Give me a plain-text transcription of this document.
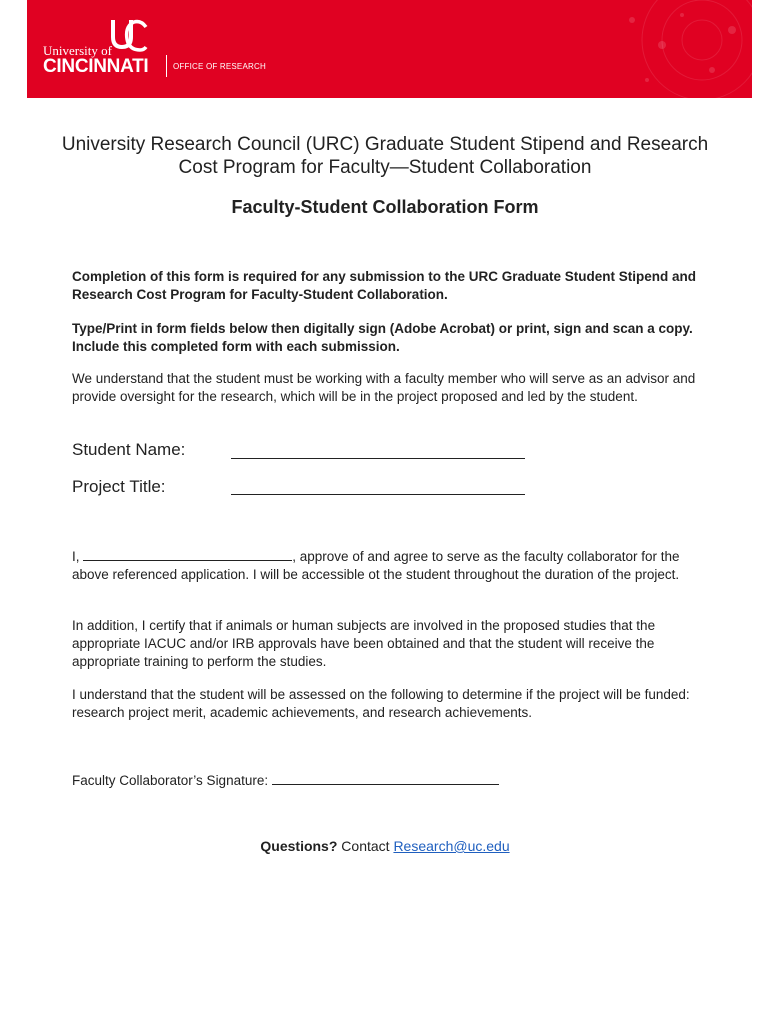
University of
CINCINNATI	OFFICE OF RESEARCH
University Research Council (URC) Graduate Student Stipend and Research Cost Program for Faculty—Student Collaboration
Faculty-Student Collaboration Form
Completion of this form is required for any submission to the URC Graduate Student Stipend and Research Cost Program for Faculty-Student Collaboration.
Type/Print in form fields below then digitally sign (Adobe Acrobat) or print, sign and scan a copy. Include this completed form with each submission.
We understand that the student must be working with a faculty member who will serve as an advisor and provide oversight for the research, which will be in the project proposed and led by the student.
Student Name:
Project Title:
I,	, approve of and agree to serve as the faculty collaborator for the above referenced application. I will be accessible ot the student throughout the duration of the project.
In addition, I certify that if animals or human subjects are involved in the proposed studies that the appropriate IACUC and/or IRB approvals have been obtained and that the student will receive the appropriate training to perform the studies.
I understand that the student will be assessed on the following to determine if the project will be funded: research project merit, academic achievements, and research achievements.
Faculty Collaborator’s Signature:
Questions? Contact Research@uc.edu
